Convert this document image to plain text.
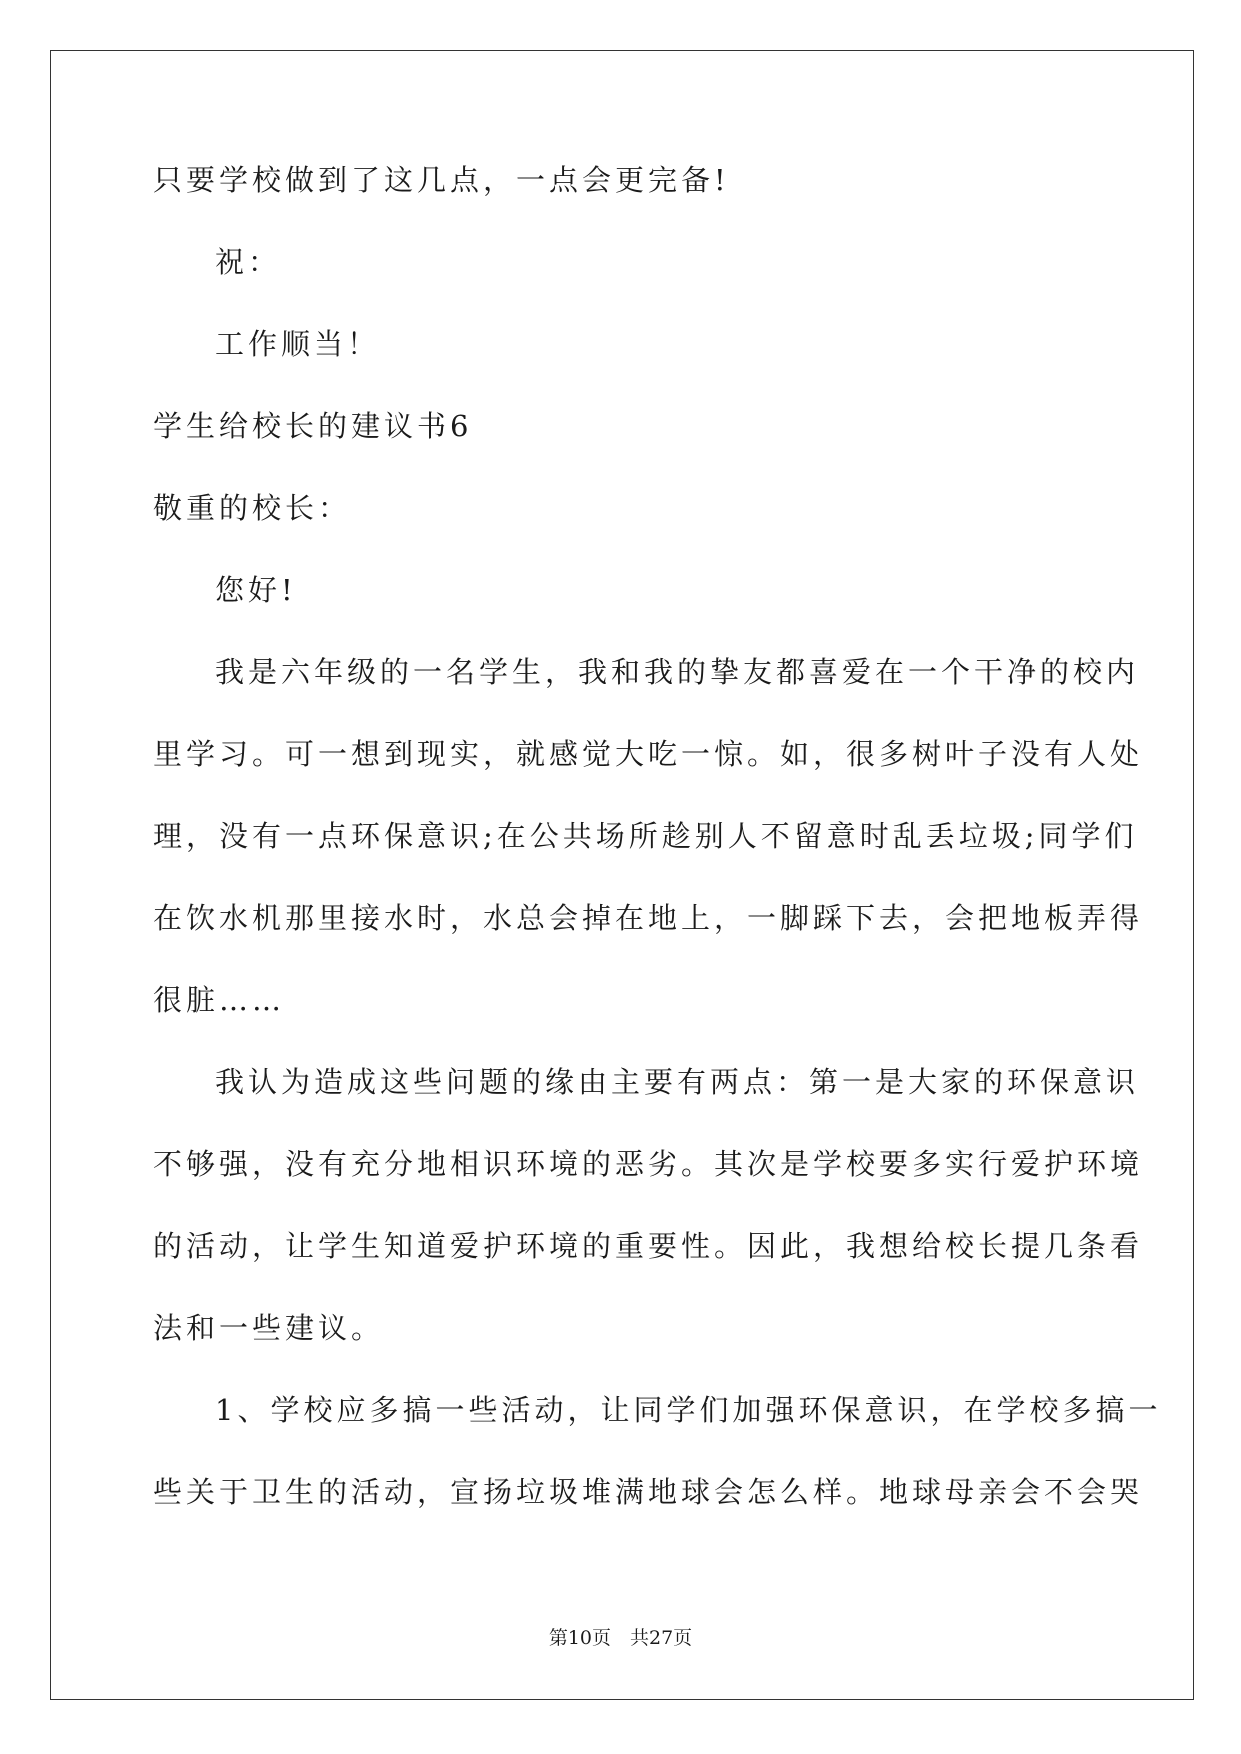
只要学校做到了这几点，一点会更完备!
祝：
工作顺当！
学生给校长的建议书6
敬重的校长：
您好!
我是六年级的一名学生，我和我的挚友都喜爱在一个干净的校内
里学习。可一想到现实，就感觉大吃一惊。如，很多树叶子没有人处
理，没有一点环保意识;在公共场所趁别人不留意时乱丢垃圾;同学们
在饮水机那里接水时，水总会掉在地上，一脚踩下去，会把地板弄得
很脏……
我认为造成这些问题的缘由主要有两点：第一是大家的环保意识
不够强，没有充分地相识环境的恶劣。其次是学校要多实行爱护环境
的活动，让学生知道爱护环境的重要性。因此，我想给校长提几条看
法和一些建议。
1、学校应多搞一些活动，让同学们加强环保意识，在学校多搞一
些关于卫生的活动，宣扬垃圾堆满地球会怎么样。地球母亲会不会哭
第10页　共27页
